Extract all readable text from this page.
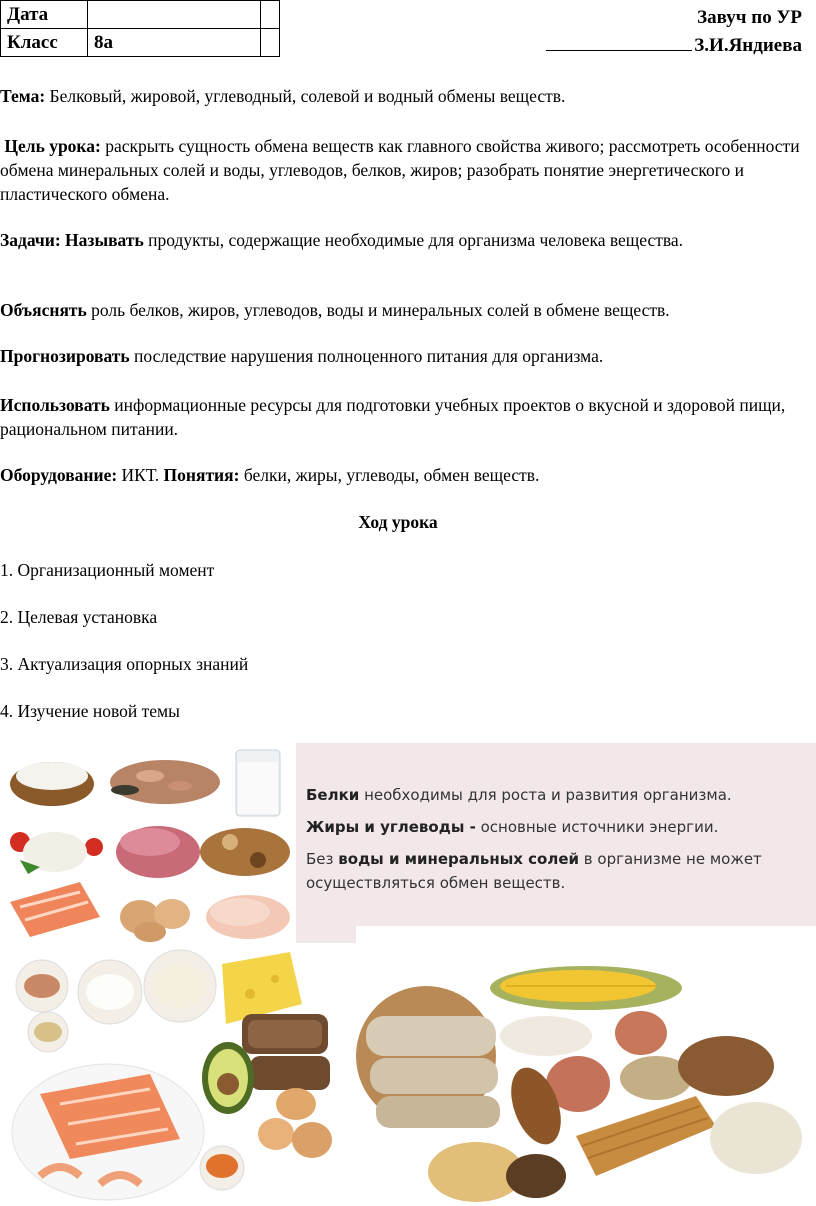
Дата		
Класс	8а	
Завуч по УР
З.И.Яндиева
Тема: Белковый, жировой, углеводный, солевой и водный обмены веществ.
Цель урока: раскрыть сущность обмена веществ как главного свойства живого; рассмотреть особенности обмена минеральных солей и воды, углеводов, белков, жиров; разобрать понятие энергетического и пластического обмена.
Задачи: Называть продукты, содержащие необходимые для организма человека вещества.
Объяснять роль белков, жиров, углеводов, воды и минеральных солей в обмене веществ.
Прогнозировать последствие нарушения полноценного питания для организма.
Использовать информационные ресурсы для подготовки учебных проектов о вкусной и здоровой пищи, рациональном питании.
Оборудование: ИКТ. Понятия: белки, жиры, углеводы, обмен веществ.
Ход урока
1. Организационный момент
2. Целевая установка
3. Актуализация опорных знаний
4. Изучение новой темы

Белки необходимы для роста и развития организма.

Жиры и углеводы - основные источники энергии.

Без воды и минеральных солей в организме не может осуществляться обмен веществ.
